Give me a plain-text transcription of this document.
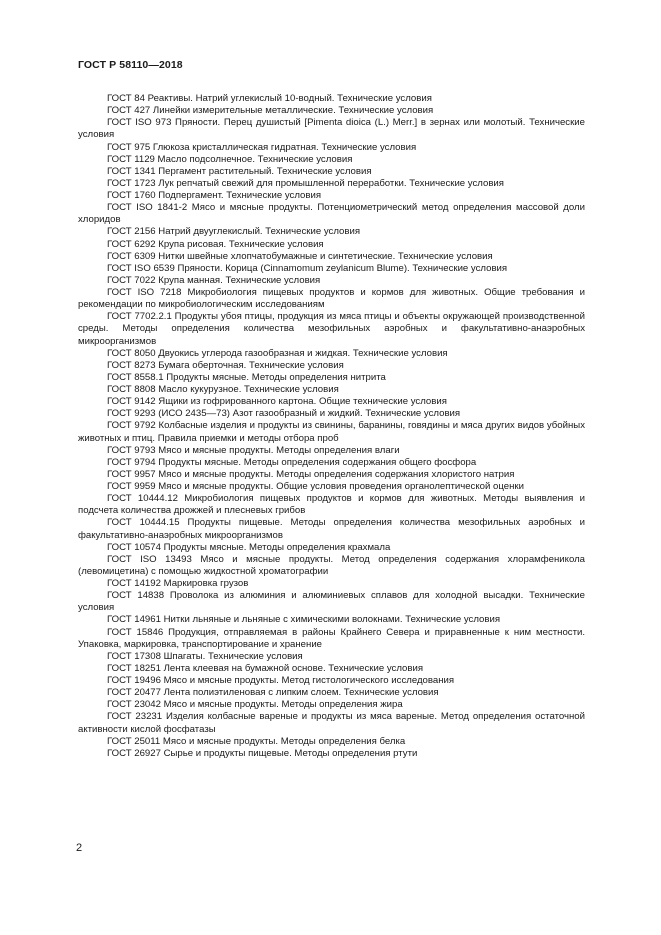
ГОСТ Р 58110—2018
ГОСТ 84 Реактивы. Натрий углекислый 10-водный. Технические условия
ГОСТ 427 Линейки измерительные металлические. Технические условия
ГОСТ ISO 973 Пряности. Перец душистый [Pimenta dioica (L.) Merr.] в зернах или молотый. Технические условия
ГОСТ 975 Глюкоза кристаллическая гидратная. Технические условия
ГОСТ 1129 Масло подсолнечное. Технические условия
ГОСТ 1341 Пергамент растительный. Технические условия
ГОСТ 1723 Лук репчатый свежий для промышленной переработки. Технические условия
ГОСТ 1760 Подпергамент. Технические условия
ГОСТ ISO 1841-2 Мясо и мясные продукты. Потенциометрический метод определения массовой доли хлоридов
ГОСТ 2156 Натрий двууглекислый. Технические условия
ГОСТ 6292 Крупа рисовая. Технические условия
ГОСТ 6309 Нитки швейные хлопчатобумажные и синтетические. Технические условия
ГОСТ ISO 6539 Пряности. Корица (Cinnamomum zeylanicum Blume). Технические условия
ГОСТ 7022 Крупа манная. Технические условия
ГОСТ ISO 7218 Микробиология пищевых продуктов и кормов для животных. Общие требования и рекомендации по микробиологическим исследованиям
ГОСТ 7702.2.1 Продукты убоя птицы, продукция из мяса птицы и объекты окружающей производственной среды. Методы определения количества мезофильных аэробных и факультативно-анаэробных микроорганизмов
ГОСТ 8050 Двуокись углерода газообразная и жидкая. Технические условия
ГОСТ 8273 Бумага оберточная. Технические условия
ГОСТ 8558.1 Продукты мясные. Методы определения нитрита
ГОСТ 8808 Масло кукурузное. Технические условия
ГОСТ 9142 Ящики из гофрированного картона. Общие технические условия
ГОСТ 9293 (ИСО 2435—73) Азот газообразный и жидкий. Технические условия
ГОСТ 9792 Колбасные изделия и продукты из свинины, баранины, говядины и мяса других видов убойных животных и птиц. Правила приемки и методы отбора проб
ГОСТ 9793 Мясо и мясные продукты. Методы определения влаги
ГОСТ 9794 Продукты мясные. Методы определения содержания общего фосфора
ГОСТ 9957 Мясо и мясные продукты. Методы определения содержания хлористого натрия
ГОСТ 9959 Мясо и мясные продукты. Общие условия проведения органолептической оценки
ГОСТ 10444.12 Микробиология пищевых продуктов и кормов для животных. Методы выявления и подсчета количества дрожжей и плесневых грибов
ГОСТ 10444.15 Продукты пищевые. Методы определения количества мезофильных аэробных и факультативно-анаэробных микроорганизмов
ГОСТ 10574 Продукты мясные. Методы определения крахмала
ГОСТ ISO 13493 Мясо и мясные продукты. Метод определения содержания хлорамфеникола (левомицетина) с помощью жидкостной хроматографии
ГОСТ 14192 Маркировка грузов
ГОСТ 14838 Проволока из алюминия и алюминиевых сплавов для холодной высадки. Технические условия
ГОСТ 14961 Нитки льняные и льняные с химическими волокнами. Технические условия
ГОСТ 15846 Продукция, отправляемая в районы Крайнего Севера и приравненные к ним местности. Упаковка, маркировка, транспортирование и хранение
ГОСТ 17308 Шпагаты. Технические условия
ГОСТ 18251 Лента клеевая на бумажной основе. Технические условия
ГОСТ 19496 Мясо и мясные продукты. Метод гистологического исследования
ГОСТ 20477 Лента полиэтиленовая с липким слоем. Технические условия
ГОСТ 23042 Мясо и мясные продукты. Методы определения жира
ГОСТ 23231 Изделия колбасные вареные и продукты из мяса вареные. Метод определения остаточной активности кислой фосфатазы
ГОСТ 25011 Мясо и мясные продукты. Методы определения белка
ГОСТ 26927 Сырье и продукты пищевые. Методы определения ртути

2
